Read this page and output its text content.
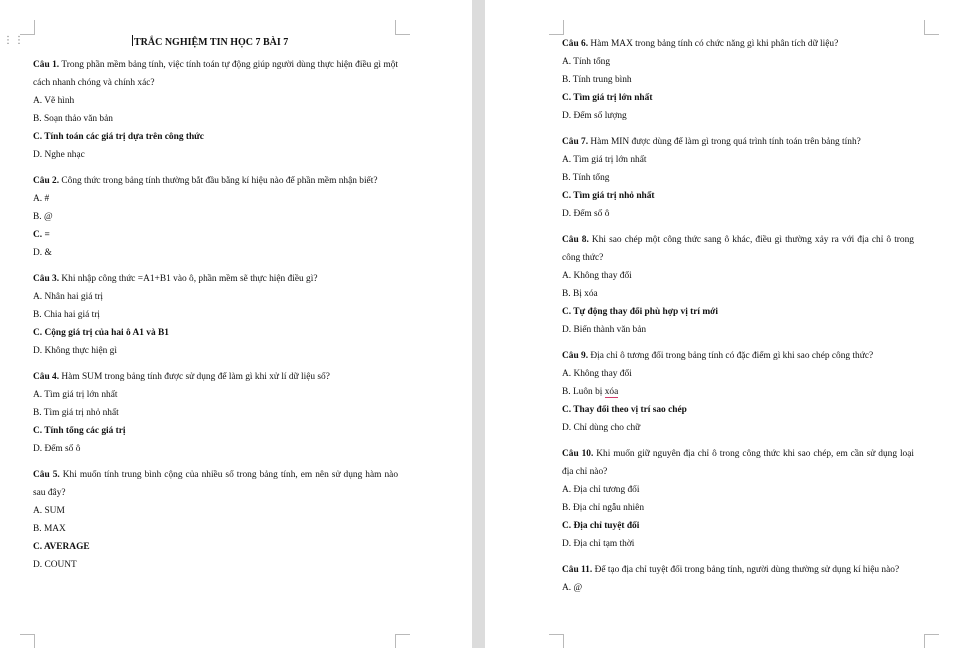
⋮⋮	TRẮC NGHIỆM TIN HỌC 7 BÀI 7
Câu 1. Trong phần mềm bảng tính, việc tính toán tự động giúp người dùng thực hiện điều gì một cách nhanh chóng và chính xác?
A. Vẽ hình
B. Soạn thảo văn bản
C. Tính toán các giá trị dựa trên công thức
D. Nghe nhạc
Câu 2. Công thức trong bảng tính thường bắt đầu bằng kí hiệu nào để phần mềm nhận biết?
A. #
B. @
C. =
D. &
Câu 3. Khi nhập công thức =A1+B1 vào ô, phần mềm sẽ thực hiện điều gì?
A. Nhân hai giá trị
B. Chia hai giá trị
C. Cộng giá trị của hai ô A1 và B1
D. Không thực hiện gì
Câu 4. Hàm SUM trong bảng tính được sử dụng để làm gì khi xử lí dữ liệu số?
A. Tìm giá trị lớn nhất
B. Tìm giá trị nhỏ nhất
C. Tính tổng các giá trị
D. Đếm số ô
Câu 5. Khi muốn tính trung bình cộng của nhiều số trong bảng tính, em nên sử dụng hàm nào sau đây?
A. SUM
B. MAX
C. AVERAGE
D. COUNT
Câu 6. Hàm MAX trong bảng tính có chức năng gì khi phân tích dữ liệu?
A. Tính tổng
B. Tính trung bình
C. Tìm giá trị lớn nhất
D. Đếm số lượng
Câu 7. Hàm MIN được dùng để làm gì trong quá trình tính toán trên bảng tính?
A. Tìm giá trị lớn nhất
B. Tính tổng
C. Tìm giá trị nhỏ nhất
D. Đếm số ô
Câu 8. Khi sao chép một công thức sang ô khác, điều gì thường xảy ra với địa chỉ ô trong công thức?
A. Không thay đổi
B. Bị xóa
C. Tự động thay đổi phù hợp vị trí mới
D. Biến thành văn bản
Câu 9. Địa chỉ ô tương đối trong bảng tính có đặc điểm gì khi sao chép công thức?
A. Không thay đổi
B. Luôn bị xóa
C. Thay đổi theo vị trí sao chép
D. Chỉ dùng cho chữ
Câu 10. Khi muốn giữ nguyên địa chỉ ô trong công thức khi sao chép, em cần sử dụng loại địa chỉ nào?
A. Địa chỉ tương đối
B. Địa chỉ ngẫu nhiên
C. Địa chỉ tuyệt đối
D. Địa chỉ tạm thời
Câu 11. Để tạo địa chỉ tuyệt đối trong bảng tính, người dùng thường sử dụng kí hiệu nào?
A. @
